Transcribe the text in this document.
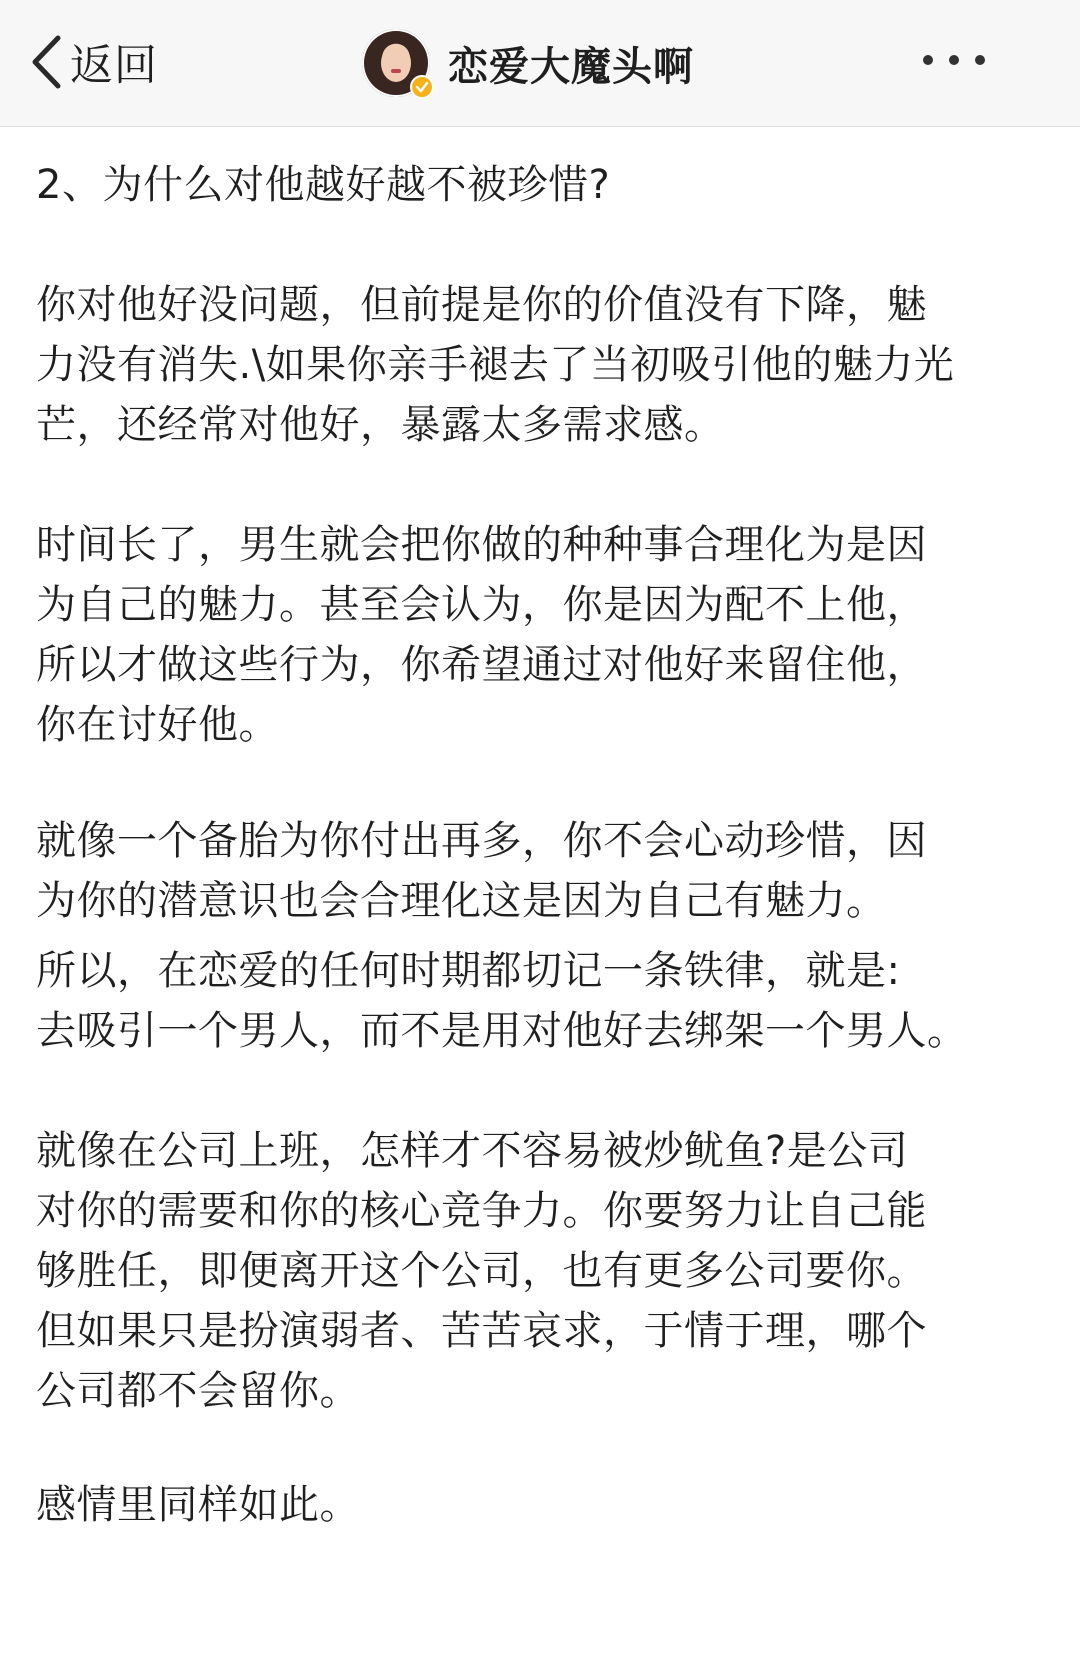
返回	恋爱大魔头啊

2、为什么对他越好越不被珍惜?

你对他好没问题，但前提是你的价值没有下降，魅
力没有消失.\如果你亲手褪去了当初吸引他的魅力光
芒，还经常对他好，暴露太多需求感。

时间长了，男生就会把你做的种种事合理化为是因
为自己的魅力。甚至会认为，你是因为配不上他，
所以才做这些行为，你希望通过对他好来留住他，
你在讨好他。

就像一个备胎为你付出再多，你不会心动珍惜，因
为你的潜意识也会合理化这是因为自己有魅力。

所以，在恋爱的任何时期都切记一条铁律，就是:
去吸引一个男人，而不是用对他好去绑架一个男人。

就像在公司上班，怎样才不容易被炒鱿鱼?是公司
对你的需要和你的核心竞争力。你要努力让自己能
够胜任，即便离开这个公司，也有更多公司要你。
但如果只是扮演弱者、苦苦哀求，于情于理，哪个
公司都不会留你。

感情里同样如此。
